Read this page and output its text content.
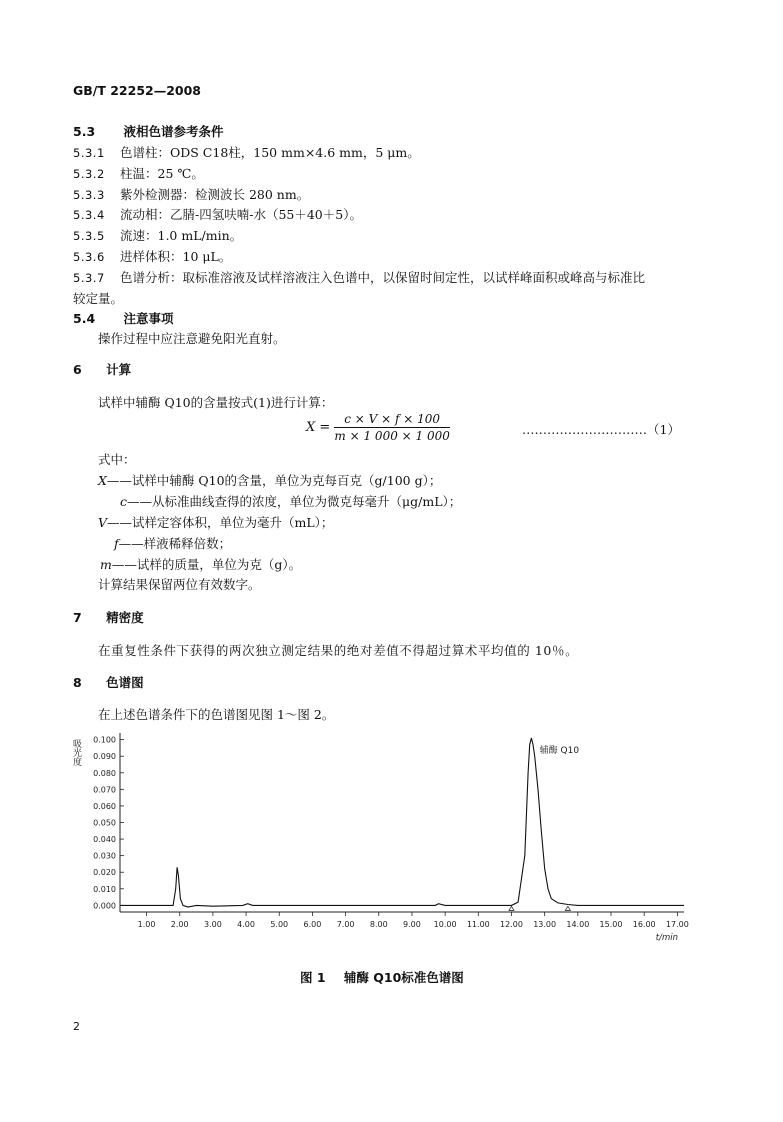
GB/T 22252—2008
5.3 液相色谱参考条件
5.3.1 色谱柱：ODS C18柱，150 mm×4.6 mm，5 μm。
5.3.2 柱温：25 ℃。
5.3.3 紫外检测器：检测波长 280 nm。
5.3.4 流动相：乙腈-四氢呋喃-水（55＋40＋5）。
5.3.5 流速：1.0 mL/min。
5.3.6 进样体积：10 μL。
5.3.7 色谱分析：取标准溶液及试样溶液注入色谱中，以保留时间定性，以试样峰面积或峰高与标准比
较定量。
5.4 注意事项
操作过程中应注意避免阳光直射。
6 计算
试样中辅酶 Q10的含量按式(1)进行计算：
$X = \frac{c \times V \times f \times 100}{m \times 1 000 \times 1 000}$	…………………………（1）
式中：
X——试样中辅酶 Q10的含量，单位为克每百克（g/100 g）；
c——从标准曲线查得的浓度，单位为微克每毫升（μg/mL）；
V——试样定容体积，单位为毫升（mL）；
f——样液稀释倍数；
m——试样的质量，单位为克（g）。
计算结果保留两位有效数字。
7 精密度
在重复性条件下获得的两次独立测定结果的绝对差值不得超过算术平均值的 10％。
8 色谱图
在上述色谱条件下的色谱图见图 1～图 2。
0.100
0.090
0.080
0.070
0.060
0.050
0.040
0.030
0.020
0.010
0.000
1.00 2.00 3.00 4.00 5.00 6.00 7.00 8.00 9.00 10.00 11.00 12.00 13.00 14.00 15.00 16.00 17.00
吸光度
t/min
辅酶 Q10
图 1 辅酶 Q10标准色谱图
2
